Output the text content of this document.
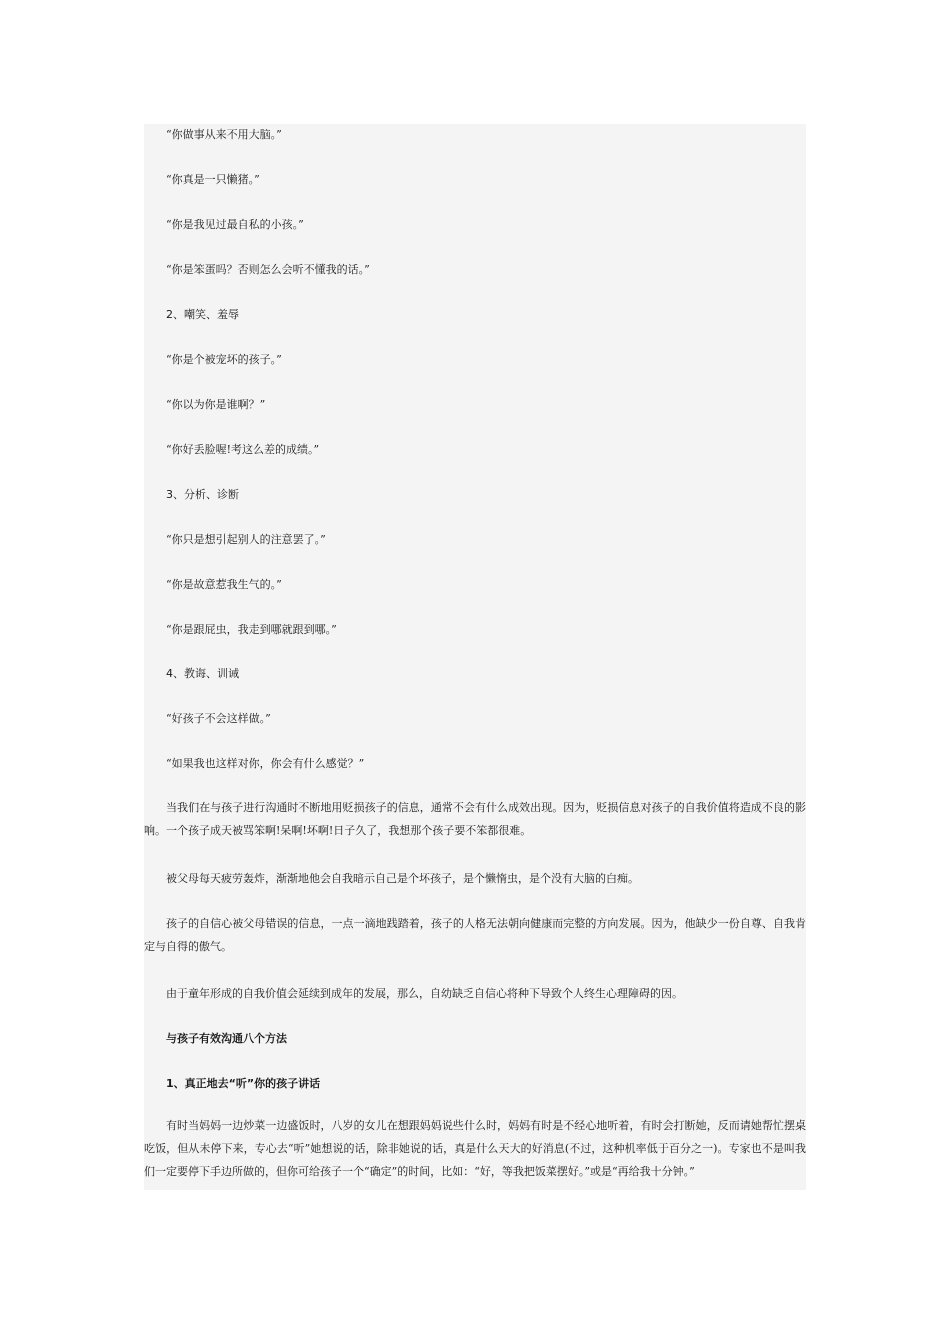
“你做事从来不用大脑。”
“你真是一只懒猪。”
“你是我见过最自私的小孩。”
“你是笨蛋吗？否则怎么会听不懂我的话。”
2、嘲笑、羞辱
“你是个被宠坏的孩子。”
“你以为你是谁啊？”
“你好丢脸喔!考这么差的成绩。”
3、分析、诊断
“你只是想引起别人的注意罢了。”
“你是故意惹我生气的。”
“你是跟屁虫，我走到哪就跟到哪。”
4、教诲、训诫
“好孩子不会这样做。”
“如果我也这样对你，你会有什么感觉？”
当我们在与孩子进行沟通时不断地用贬损孩子的信息，通常不会有什么成效出现。因为，贬损信息对孩子的自我价值将造成不良的影响。一个孩子成天被骂笨啊!呆啊!坏啊!日子久了，我想那个孩子要不笨都很难。
被父母每天疲劳轰炸，渐渐地他会自我暗示自己是个坏孩子，是个懒惰虫，是个没有大脑的白痴。
孩子的自信心被父母错误的信息，一点一滴地践踏着，孩子的人格无法朝向健康而完整的方向发展。因为，他缺少一份自尊、自我肯定与自得的傲气。
由于童年形成的自我价值会延续到成年的发展，那么，自幼缺乏自信心将种下导致个人终生心理障碍的因。
与孩子有效沟通八个方法
1、真正地去“听”你的孩子讲话
有时当妈妈一边炒菜一边盛饭时，八岁的女儿在想跟妈妈说些什么时，妈妈有时是不经心地听着，有时会打断她，反而请她帮忙摆桌吃饭，但从未停下来，专心去“听”她想说的话，除非她说的话，真是什么天大的好消息(不过，这种机率低于百分之一)。专家也不是叫我们一定要停下手边所做的，但你可给孩子一个“确定”的时间，比如：“好，等我把饭菜摆好。”或是“再给我十分钟。”
